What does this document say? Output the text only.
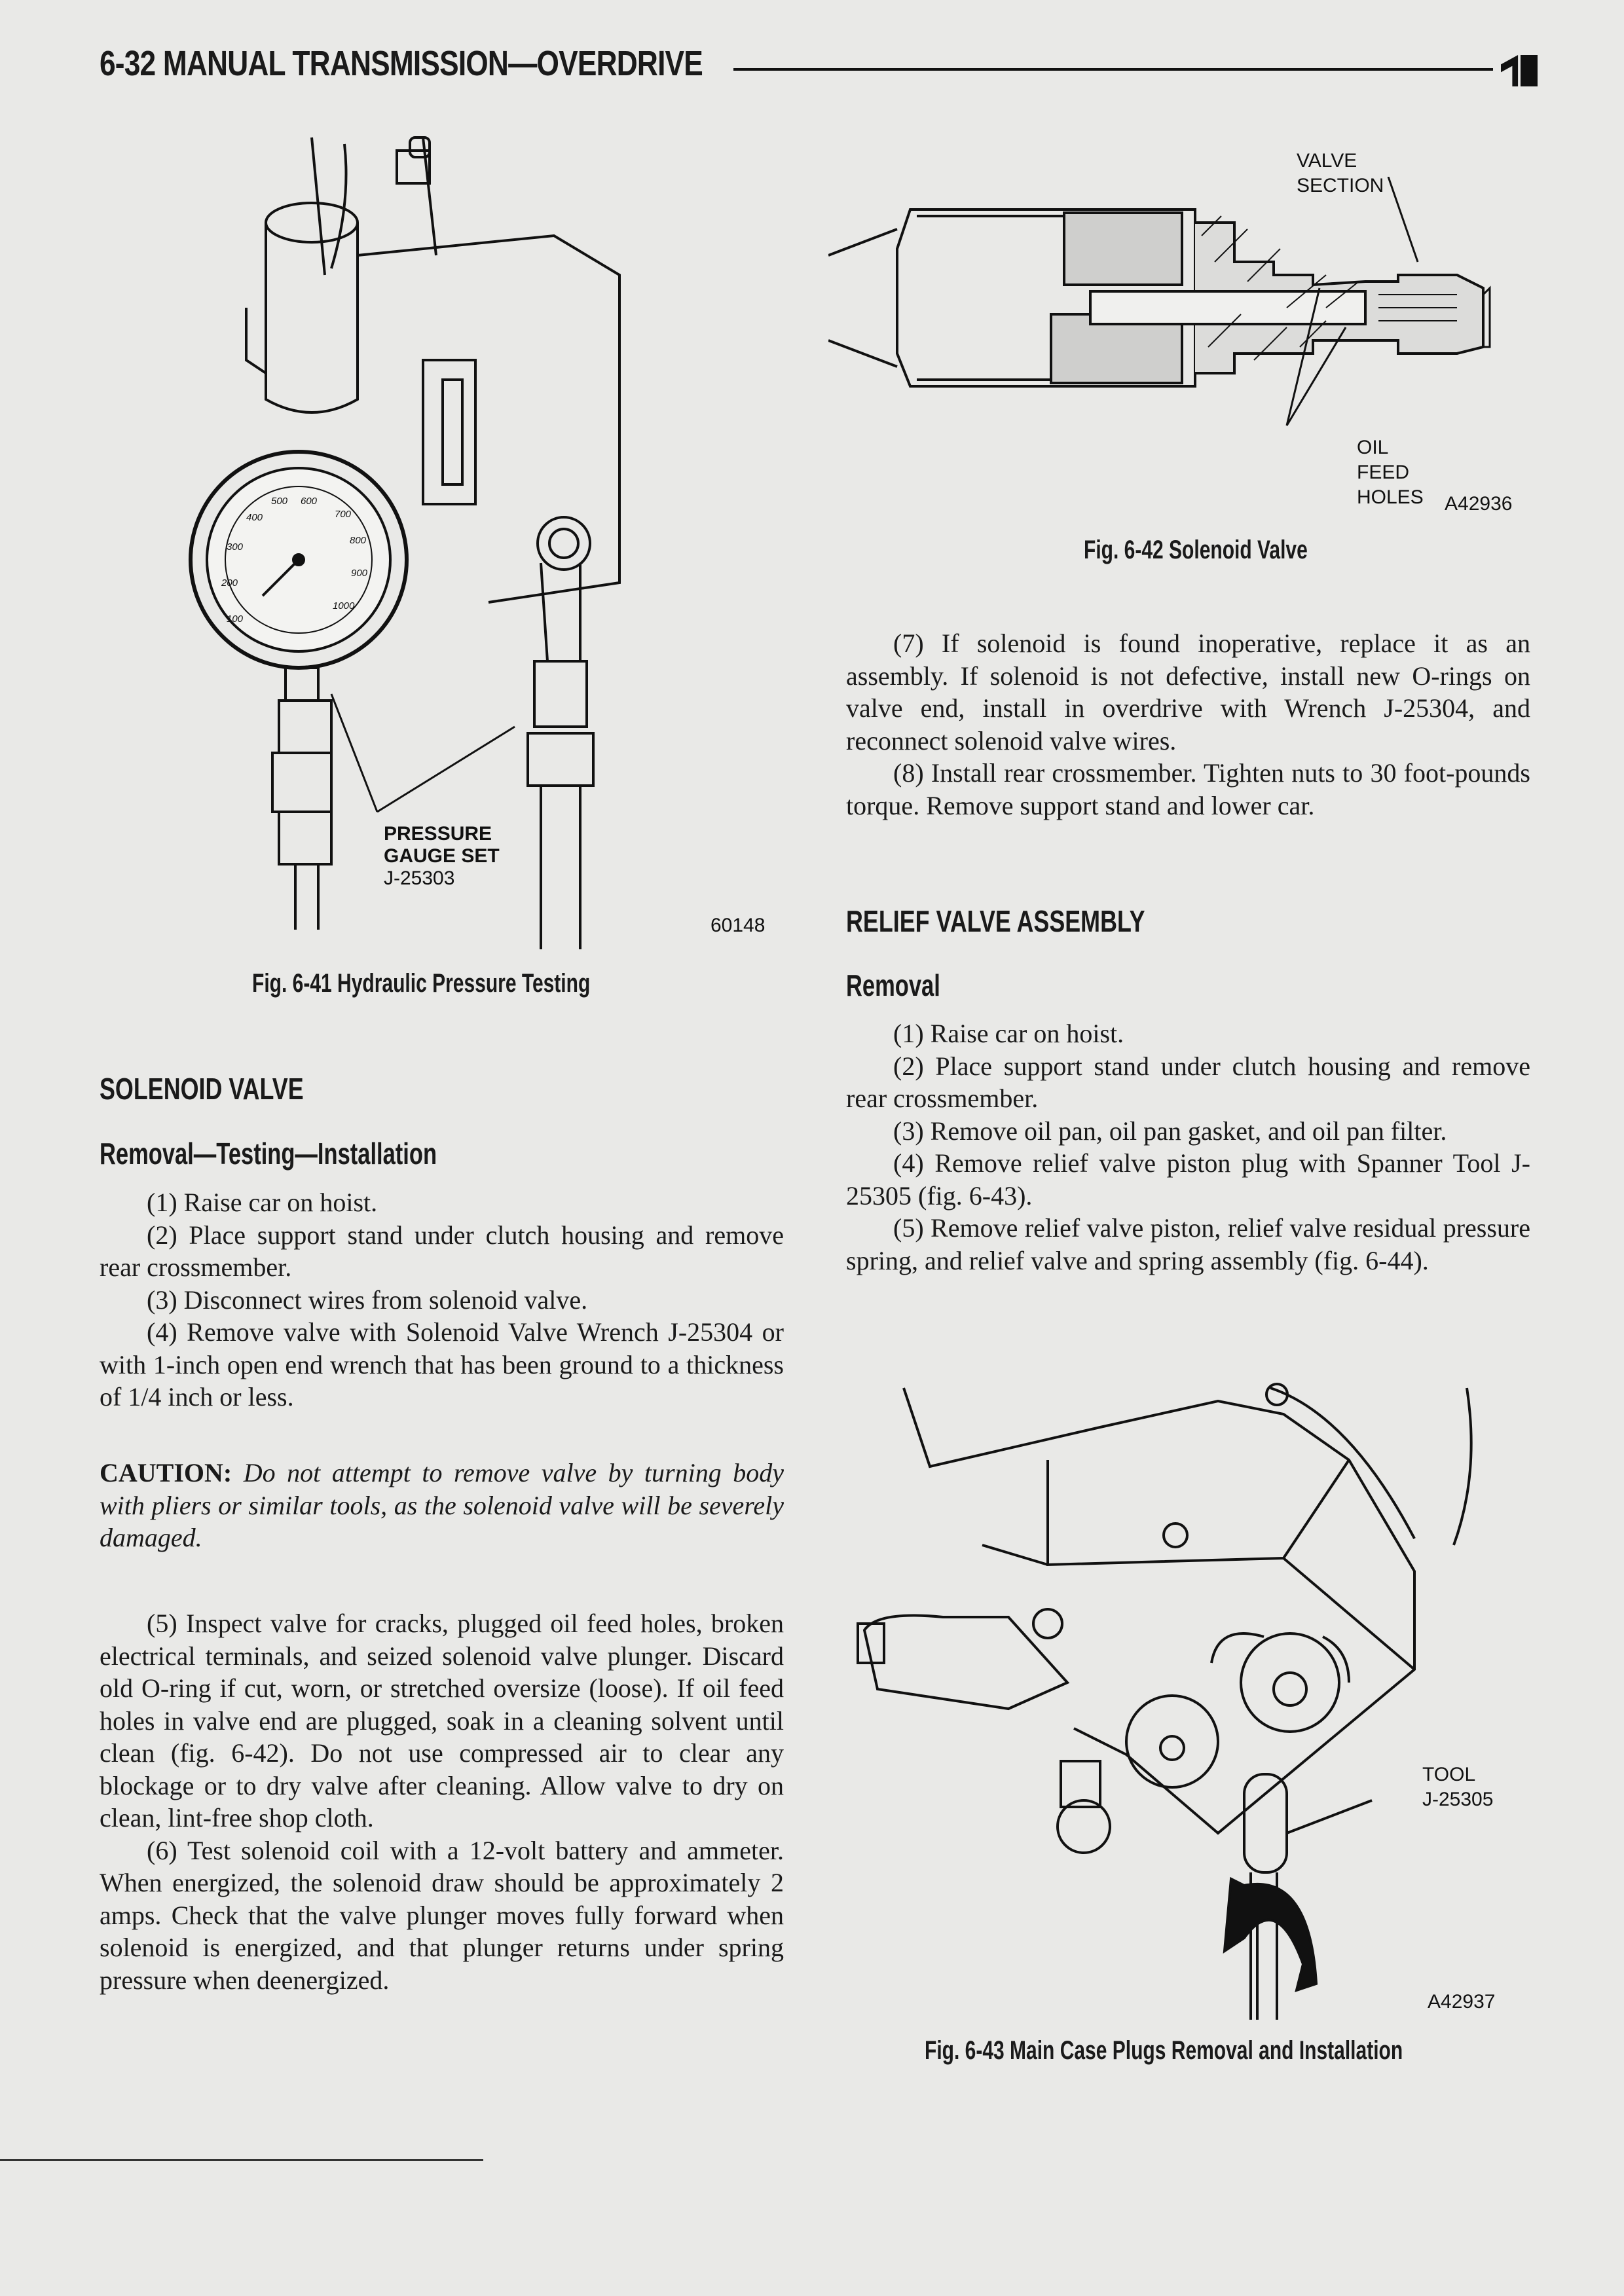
6-32 MANUAL TRANSMISSION—OVERDRIVE
100
200
300
400
500 600
700
800
900
1000
PRESSURE
GAUGE SET
J-25303
60148
Fig. 6-41 Hydraulic Pressure Testing
SOLENOID VALVE
Removal—Testing—Installation

(1) Raise car on hoist.

(2) Place support stand under clutch housing and remove rear crossmember.

(3) Disconnect wires from solenoid valve.

(4) Remove valve with Solenoid Valve Wrench J-25304 or with 1-inch open end wrench that has been ground to a thickness of 1/4 inch or less.

CAUTION: Do not attempt to remove valve by turning body with pliers or similar tools, as the solenoid valve will be severely damaged.

(5) Inspect valve for cracks, plugged oil feed holes, broken electrical terminals, and seized solenoid valve plunger. Discard old O-ring if cut, worn, or stretched oversize (loose). If oil feed holes in valve end are plugged, soak in a cleaning solvent until clean (fig. 6-42). Do not use compressed air to clear any blockage or to dry valve after cleaning. Allow valve to dry on clean, lint-free shop cloth.

(6) Test solenoid coil with a 12-volt battery and ammeter. When energized, the solenoid draw should be approximately 2 amps. Check that the valve plunger moves fully forward when solenoid is energized, and that plunger returns under spring pressure when deenergized.

VALVE
SECTION
OIL
FEED
HOLES A42936
Fig. 6-42 Solenoid Valve

(7) If solenoid is found inoperative, replace it as an assembly. If solenoid is not defective, install new O-rings on valve end, install in overdrive with Wrench J-25304, and reconnect solenoid valve wires.

(8) Install rear crossmember. Tighten nuts to 30 foot-pounds torque. Remove support stand and lower car.

RELIEF VALVE ASSEMBLY
Removal

(1) Raise car on hoist.

(2) Place support stand under clutch housing and remove rear crossmember.

(3) Remove oil pan, oil pan gasket, and oil pan filter.

(4) Remove relief valve piston plug with Spanner Tool J-25305 (fig. 6-43).

(5) Remove relief valve piston, relief valve residual pressure spring, and relief valve and spring assembly (fig. 6-44).

TOOL
J-25305
A42937
Fig. 6-43 Main Case Plugs Removal and Installation
